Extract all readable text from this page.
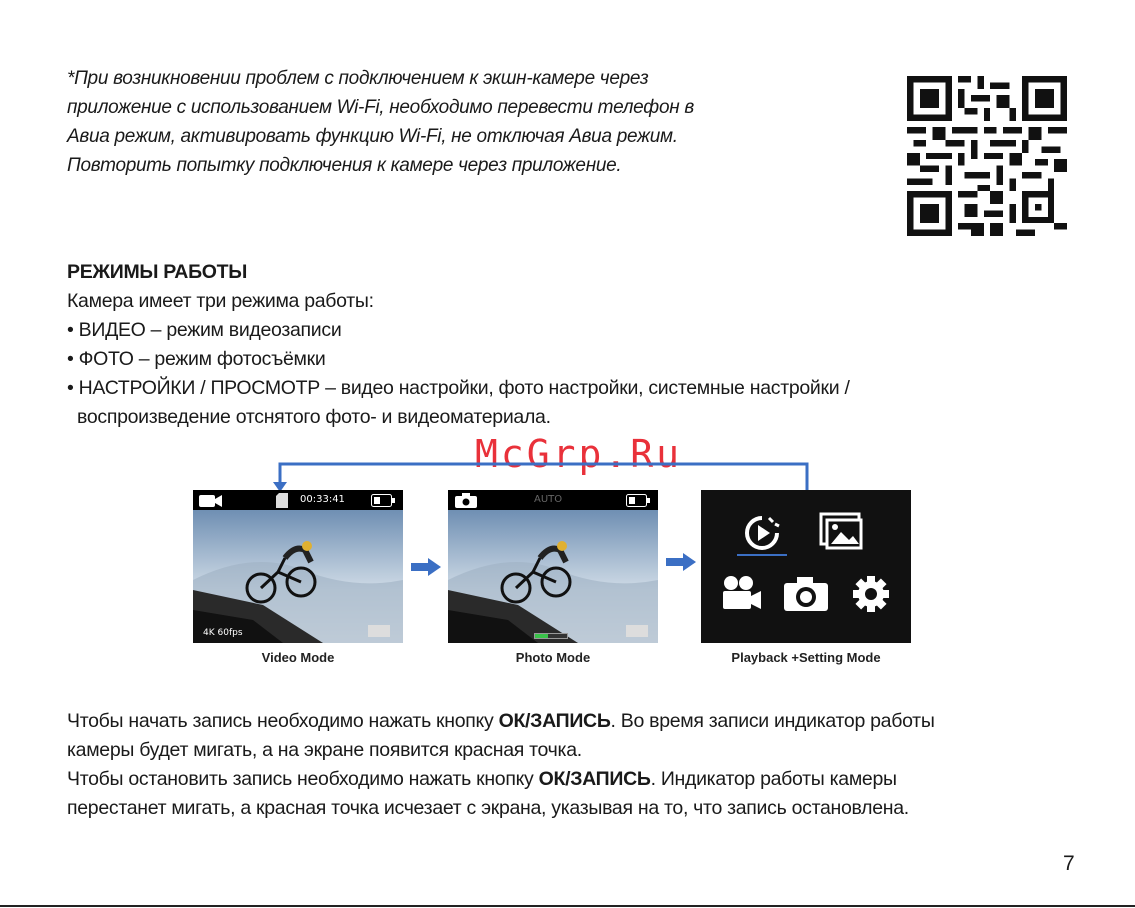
*При возникновении проблем с подключением к экшн-камере через

приложение с использованием Wi-Fi, необходимо перевести телефон в

Авиа режим, активировать функцию Wi-Fi, не отключая Авиа режим.

Повторить попытку подключения к камере через приложение.

РЕЖИМЫ РАБОТЫ

Камера имеет три режима работы:

• ВИДЕО – режим видеозаписи

• ФОТО – режим фотосъёмки

• НАСТРОЙКИ / ПРОСМОТР – видео настройки, фото настройки, системные настройки /

воспроизведение отснятого фото- и видеоматериала.

McGrp.Ru
00:33:41
4K 60fps
Video Mode
AUTO
Photo Mode	Playback +Setting Mode

Чтобы начать запись необходимо нажать кнопку ОК/ЗАПИСЬ. Во время записи индикатор работы

камеры будет мигать, а на экране появится красная точка.

Чтобы остановить запись необходимо нажать кнопку ОК/ЗАПИСЬ. Индикатор работы камеры

перестанет мигать, а красная точка исчезает с экрана, указывая на то, что запись остановлена.

7
